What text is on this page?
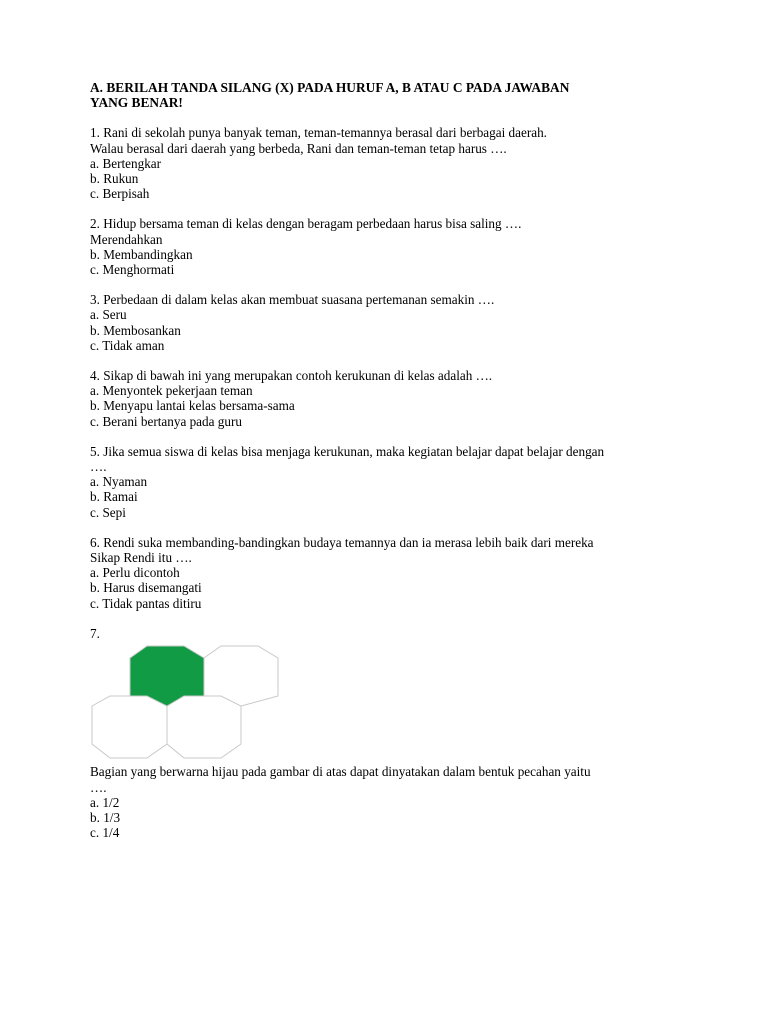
A. BERILAH TANDA SILANG (X) PADA HURUF A, B ATAU C PADA JAWABAN
YANG BENAR!
1. Rani di sekolah punya banyak teman, teman-temannya berasal dari berbagai daerah.
Walau berasal dari daerah yang berbeda, Rani dan teman-teman tetap harus ….
a. Bertengkar
b. Rukun
c. Berpisah
2. Hidup bersama teman di kelas dengan beragam perbedaan harus bisa saling ….
Merendahkan
b. Membandingkan
c. Menghormati
3. Perbedaan di dalam kelas akan membuat suasana pertemanan semakin ….
a. Seru
b. Membosankan
c. Tidak aman
4. Sikap di bawah ini yang merupakan contoh kerukunan di kelas adalah ….
a. Menyontek pekerjaan teman
b. Menyapu lantai kelas bersama-sama
c. Berani bertanya pada guru
5. Jika semua siswa di kelas bisa menjaga kerukunan, maka kegiatan belajar dapat belajar dengan
….
a. Nyaman
b. Ramai
c. Sepi
6. Rendi suka membanding-bandingkan budaya temannya dan ia merasa lebih baik dari mereka
Sikap Rendi itu ….
a. Perlu dicontoh
b. Harus disemangati
c. Tidak pantas ditiru
7.
Bagian yang berwarna hijau pada gambar di atas dapat dinyatakan dalam bentuk pecahan yaitu
….
a. 1/2
b. 1/3
c. 1/4
